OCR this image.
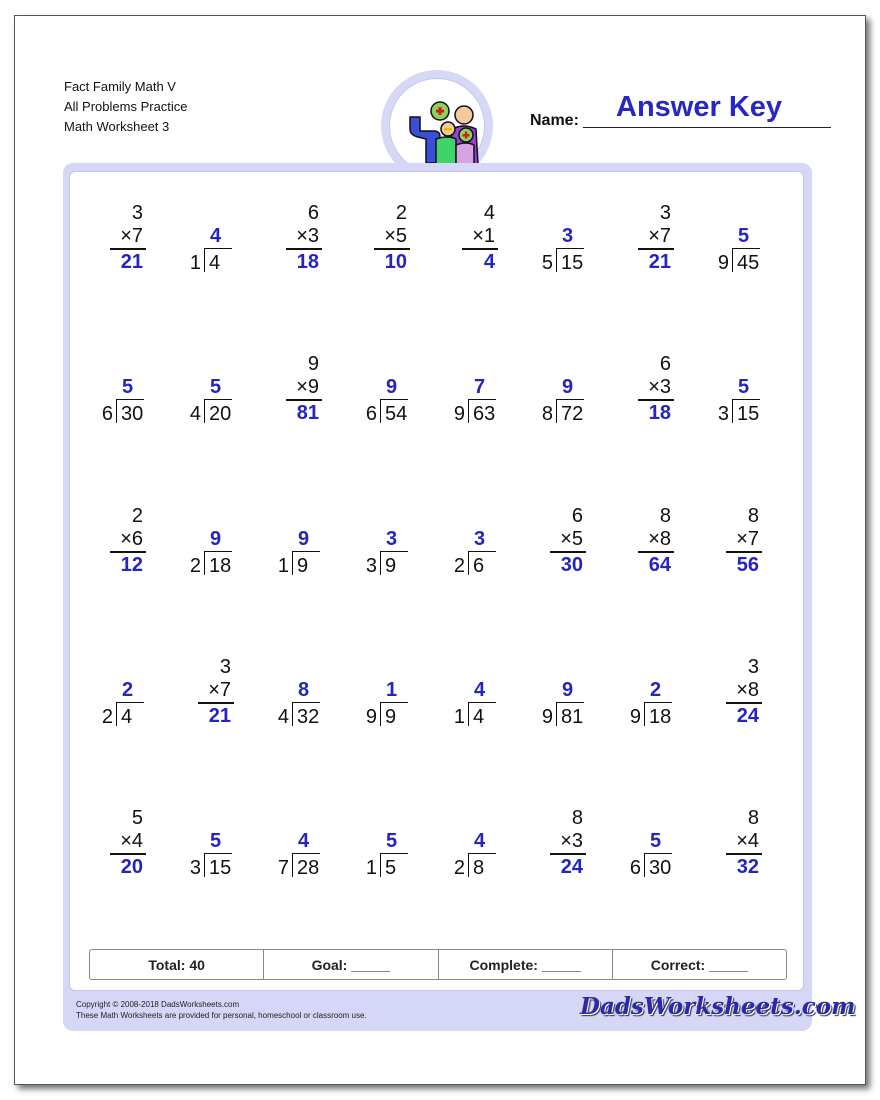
Fact Family Math V
All Problems Practice
Math Worksheet 3	Name: Answer Key
3
×7
21
4
1 4
6
×3
18
2
×5
10
4
×1
4
3
5 15
3
×7
21
5
9 45
5
6 30
5
4 20
9
×9
81
9
6 54
7
9 63
9
8 72
6
×3
18
5
3 15
2
×6
12
9
2 18
9
1 9
3
3 9
3
2 6
6
×5
30
8
×8
64
8
×7
56
2
2 4
3
×7
21
8
4 32
1
9 9
4
1 4
9
9 81
2
9 18
3
×8
24
5
×4
20
5
3 15
4
7 28
5
1 5
4
2 8
8
×3
24
5
6 30
8
×4
32
Total: 40	Goal: _____	Complete: _____	Correct: _____
Copyright © 2008-2018 DadsWorksheets.com
These Math Worksheets are provided for personal, homeschool or classroom use.	DadsWorksheets.com
